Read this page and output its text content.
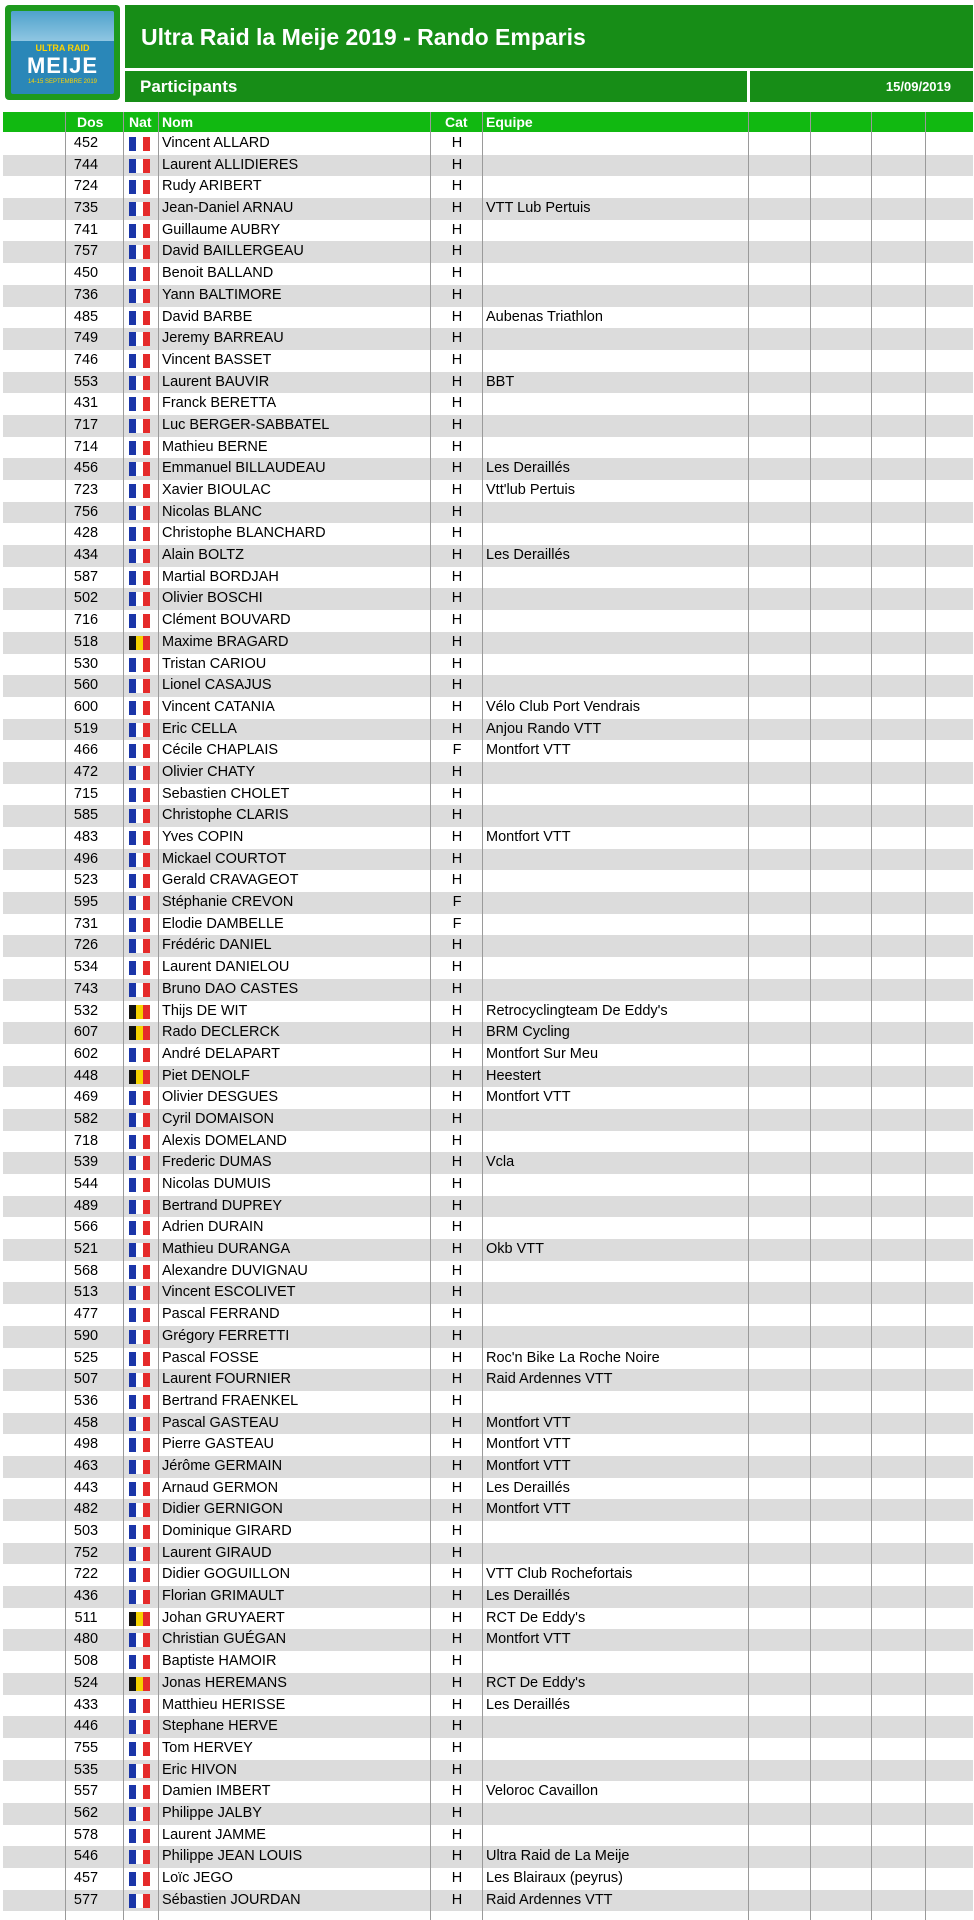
ULTRA RAID
MEIJE
14-15 SEPTEMBRE 2019
Ultra Raid la Meije 2019 - Rando Emparis
Participants	15/09/2019
Dos Nat Nom	Cat Equipe
452	Vincent ALLARD	H
744	Laurent ALLIDIERES	H
724	Rudy ARIBERT	H
735	Jean-Daniel ARNAU	H	VTT Lub Pertuis
741	Guillaume AUBRY	H
757	David BAILLERGEAU	H
450	Benoit BALLAND	H
736	Yann BALTIMORE	H
485	David BARBE	H	Aubenas Triathlon
749	Jeremy BARREAU	H
746	Vincent BASSET	H
553	Laurent BAUVIR	H	BBT
431	Franck BERETTA	H
717	Luc BERGER-SABBATEL	H
714	Mathieu BERNE	H
456	Emmanuel BILLAUDEAU	H	Les Deraillés
723	Xavier BIOULAC	H	Vtt'lub Pertuis
756	Nicolas BLANC	H
428	Christophe BLANCHARD	H
434	Alain BOLTZ	H	Les Deraillés
587	Martial BORDJAH	H
502	Olivier BOSCHI	H
716	Clément BOUVARD	H
518	Maxime BRAGARD	H
530	Tristan CARIOU	H
560	Lionel CASAJUS	H
600	Vincent CATANIA	H	Vélo Club Port Vendrais
519	Eric CELLA	H	Anjou Rando VTT
466	Cécile CHAPLAIS	F	Montfort VTT
472	Olivier CHATY	H
715	Sebastien CHOLET	H
585	Christophe CLARIS	H
483	Yves COPIN	H	Montfort VTT
496	Mickael COURTOT	H
523	Gerald CRAVAGEOT	H
595	Stéphanie CREVON	F
731	Elodie DAMBELLE	F
726	Frédéric DANIEL	H
534	Laurent DANIELOU	H
743	Bruno DAO CASTES	H
532	Thijs DE WIT	H	Retrocyclingteam De Eddy's
607	Rado DECLERCK	H	BRM Cycling
602	André DELAPART	H	Montfort Sur Meu
448	Piet DENOLF	H	Heestert
469	Olivier DESGUES	H	Montfort VTT
582	Cyril DOMAISON	H
718	Alexis DOMELAND	H
539	Frederic DUMAS	H	Vcla
544	Nicolas DUMUIS	H
489	Bertrand DUPREY	H
566	Adrien DURAIN	H
521	Mathieu DURANGA	H	Okb VTT
568	Alexandre DUVIGNAU	H
513	Vincent ESCOLIVET	H
477	Pascal FERRAND	H
590	Grégory FERRETTI	H
525	Pascal FOSSE	H	Roc'n Bike La Roche Noire
507	Laurent FOURNIER	H	Raid Ardennes VTT
536	Bertrand FRAENKEL	H
458	Pascal GASTEAU	H	Montfort VTT
498	Pierre GASTEAU	H	Montfort VTT
463	Jérôme GERMAIN	H	Montfort VTT
443	Arnaud GERMON	H	Les Deraillés
482	Didier GERNIGON	H	Montfort VTT
503	Dominique GIRARD	H
752	Laurent GIRAUD	H
722	Didier GOGUILLON	H	VTT Club Rochefortais
436	Florian GRIMAULT	H	Les Deraillés
511	Johan GRUYAERT	H	RCT De Eddy's
480	Christian GUÉGAN	H	Montfort VTT
508	Baptiste HAMOIR	H
524	Jonas HEREMANS	H	RCT De Eddy's
433	Matthieu HERISSE	H	Les Deraillés
446	Stephane HERVE	H
755	Tom HERVEY	H
535	Eric HIVON	H
557	Damien IMBERT	H	Veloroc Cavaillon
562	Philippe JALBY	H
578	Laurent JAMME	H
546	Philippe JEAN LOUIS	H	Ultra Raid de La Meije
457	Loïc JEGO	H	Les Blairaux (peyrus)
577	Sébastien JOURDAN	H	Raid Ardennes VTT
